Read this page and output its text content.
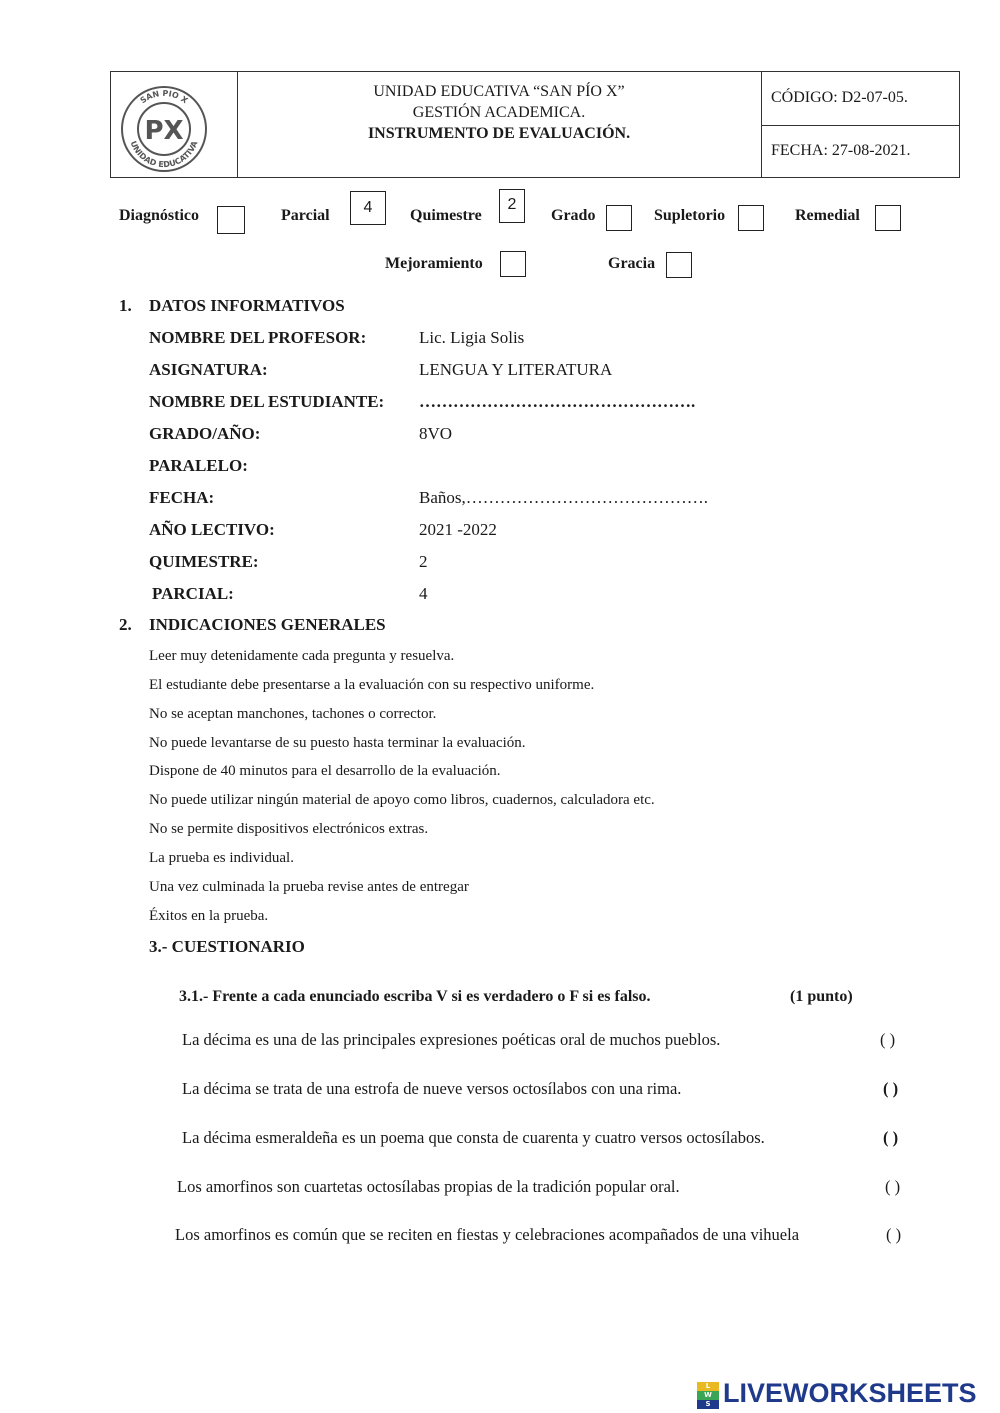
SAN PIO X
UNIDAD EDUCATIVA
PX
UNIDAD EDUCATIVA “SAN PÍO X”
GESTIÓN ACADEMICA.
INSTRUMENTO DE EVALUACIÓN.
CÓDIGO: D2-07-05.
FECHA: 27-08-2021.
Diagnóstico	Parcial	4	Quimestre
2
Grado	Supletorio	Remedial
Mejoramiento	Gracia
1. DATOS INFORMATIVOS
NOMBRE DEL PROFESOR:	Lic. Ligia Solis
ASIGNATURA:	LENGUA Y LITERATURA
NOMBRE DEL ESTUDIANTE: ………………………………………….
GRADO/AÑO:	8VO
PARALELO:
FECHA:	Baños,…………………………………….
AÑO LECTIVO:	2021 -2022
QUIMESTRE:	2
PARCIAL:	4
2. INDICACIONES GENERALES
Leer muy detenidamente cada pregunta y resuelva.
El estudiante debe presentarse a la evaluación con su respectivo uniforme.
No se aceptan manchones, tachones o corrector.
No puede levantarse de su puesto hasta terminar la evaluación.
Dispone de 40 minutos para el desarrollo de la evaluación.
No puede utilizar ningún material de apoyo como libros, cuadernos, calculadora etc.
No se permite dispositivos electrónicos extras.
La prueba es individual.
Una vez culminada la prueba revise antes de entregar
Éxitos en la prueba.
3.- CUESTIONARIO
3.1.- Frente a cada enunciado escriba V si es verdadero o F si es falso.	(1 punto)
La décima es una de las principales expresiones poéticas oral de muchos pueblos.	( )
La décima se trata de una estrofa de nueve versos octosílabos con una rima.	( )
La décima esmeraldeña es un poema que consta de cuarenta y cuatro versos octosílabos.	( )
Los amorfinos son cuartetas octosílabas propias de la tradición popular oral.	( )
Los amorfinos es común que se reciten en fiestas y celebraciones acompañados de una vihuela	( )
L
W
S LIVEWORKSHEETS
